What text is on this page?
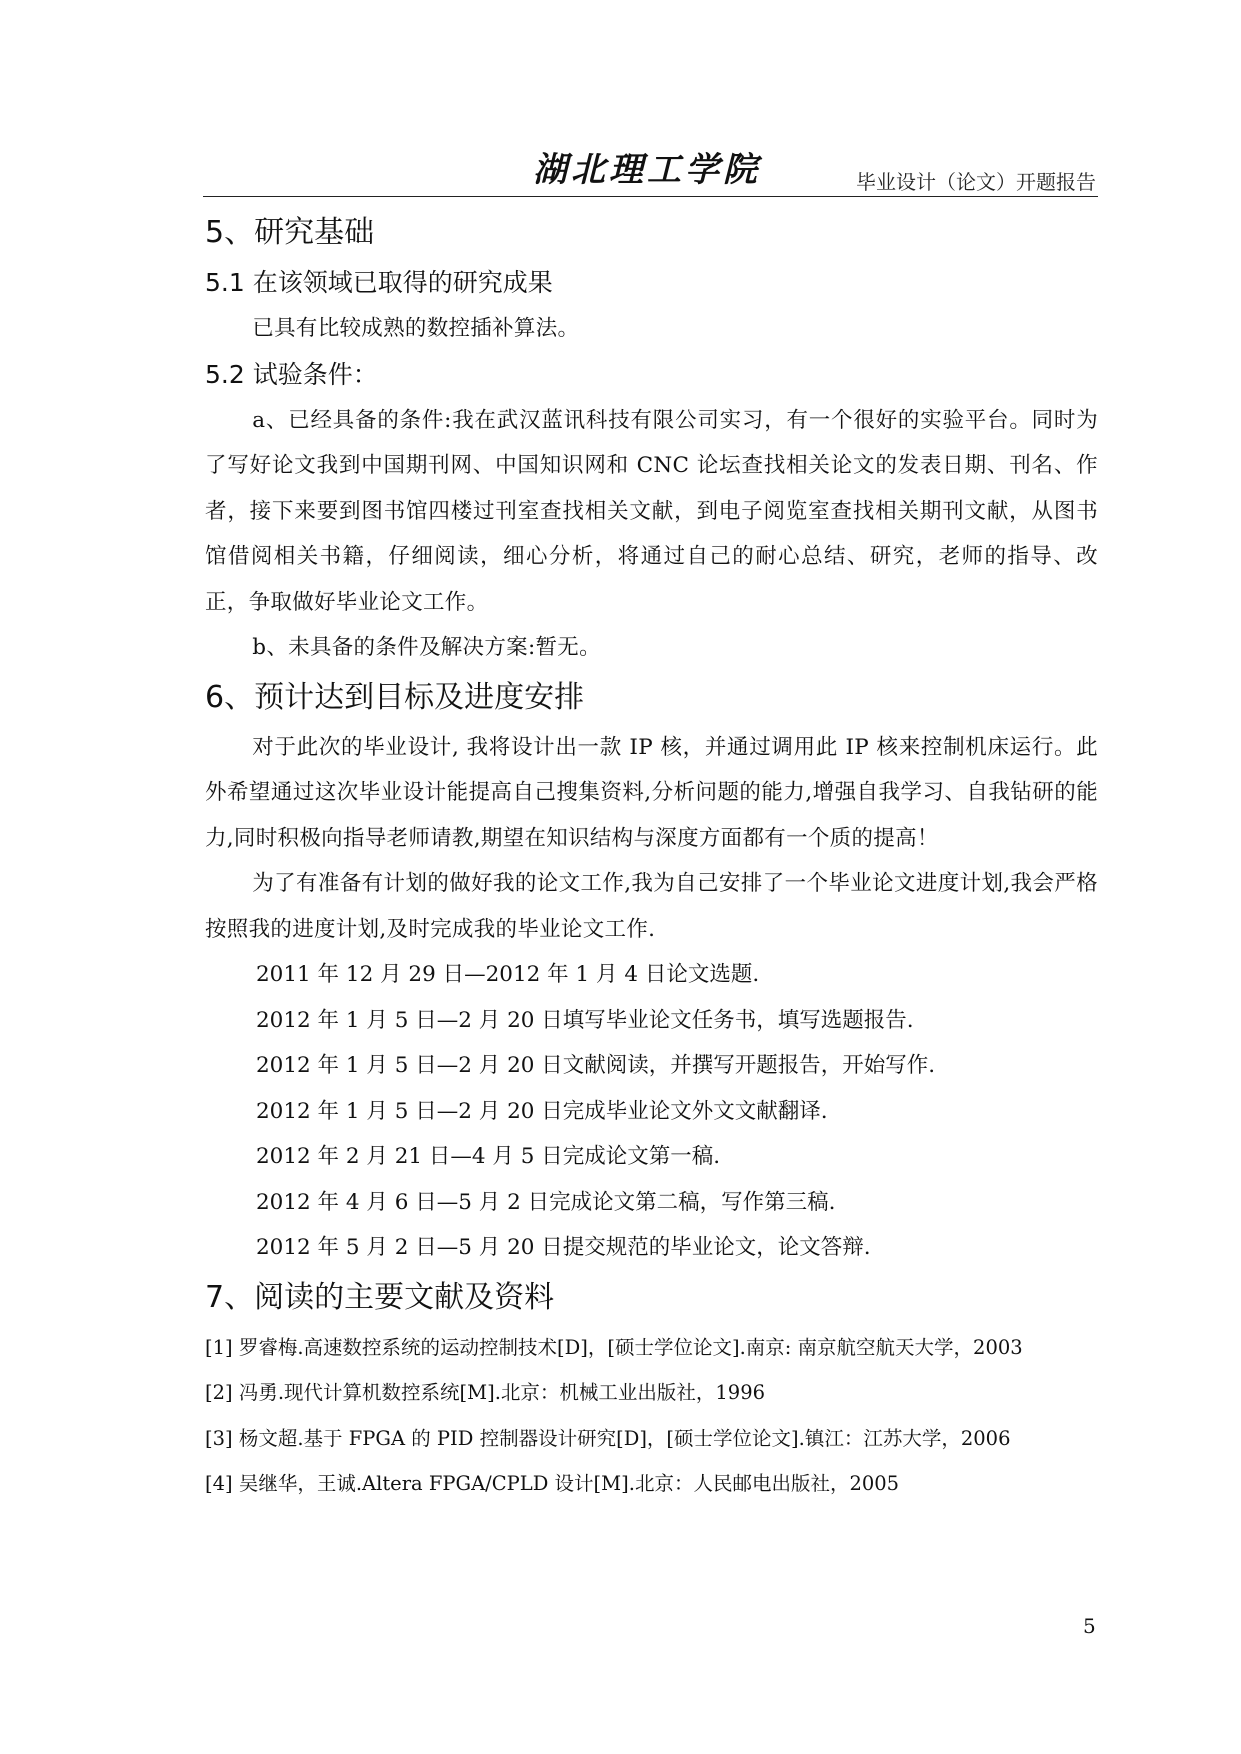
湖北理工学院	毕业设计（论文）开题报告
5、研究基础
5.1 在该领域已取得的研究成果

已具有比较成熟的数控插补算法。

5.2 试验条件：

a、已经具备的条件:我在武汉蓝讯科技有限公司实习，有一个很好的实验平台。同时为了写好论文我到中国期刊网、中国知识网和 CNC 论坛查找相关论文的发表日期、刊名、作者，接下来要到图书馆四楼过刊室查找相关文献，到电子阅览室查找相关期刊文献，从图书馆借阅相关书籍，仔细阅读，细心分析，将通过自己的耐心总结、研究，老师的指导、改正，争取做好毕业论文工作。

b、未具备的条件及解决方案:暂无。

6、预计达到目标及进度安排

对于此次的毕业设计, 我将设计出一款 IP 核，并通过调用此 IP 核来控制机床运行。此外希望通过这次毕业设计能提高自己搜集资料,分析问题的能力,增强自我学习、自我钻研的能力,同时积极向指导老师请教,期望在知识结构与深度方面都有一个质的提高！

为了有准备有计划的做好我的论文工作,我为自己安排了一个毕业论文进度计划,我会严格按照我的进度计划,及时完成我的毕业论文工作.

2011 年 12 月 29 日—2012 年 1 月 4 日论文选题.

2012 年 1 月 5 日—2 月 20 日填写毕业论文任务书，填写选题报告.

2012 年 1 月 5 日—2 月 20 日文献阅读，并撰写开题报告，开始写作.

2012 年 1 月 5 日—2 月 20 日完成毕业论文外文文献翻译.

2012 年 2 月 21 日—4 月 5 日完成论文第一稿.

2012 年 4 月 6 日—5 月 2 日完成论文第二稿，写作第三稿.

2012 年 5 月 2 日—5 月 20 日提交规范的毕业论文，论文答辩.

7、阅读的主要文献及资料

[1] 罗睿梅.高速数控系统的运动控制技术[D]，[硕士学位论文].南京: 南京航空航天大学，2003

[2] 冯勇.现代计算机数控系统[M].北京：机械工业出版社，1996

[3] 杨文超.基于 FPGA 的 PID 控制器设计研究[D]，[硕士学位论文].镇江：江苏大学，2006

[4] 吴继华，王诚.Altera FPGA/CPLD 设计[M].北京：人民邮电出版社，2005

5
